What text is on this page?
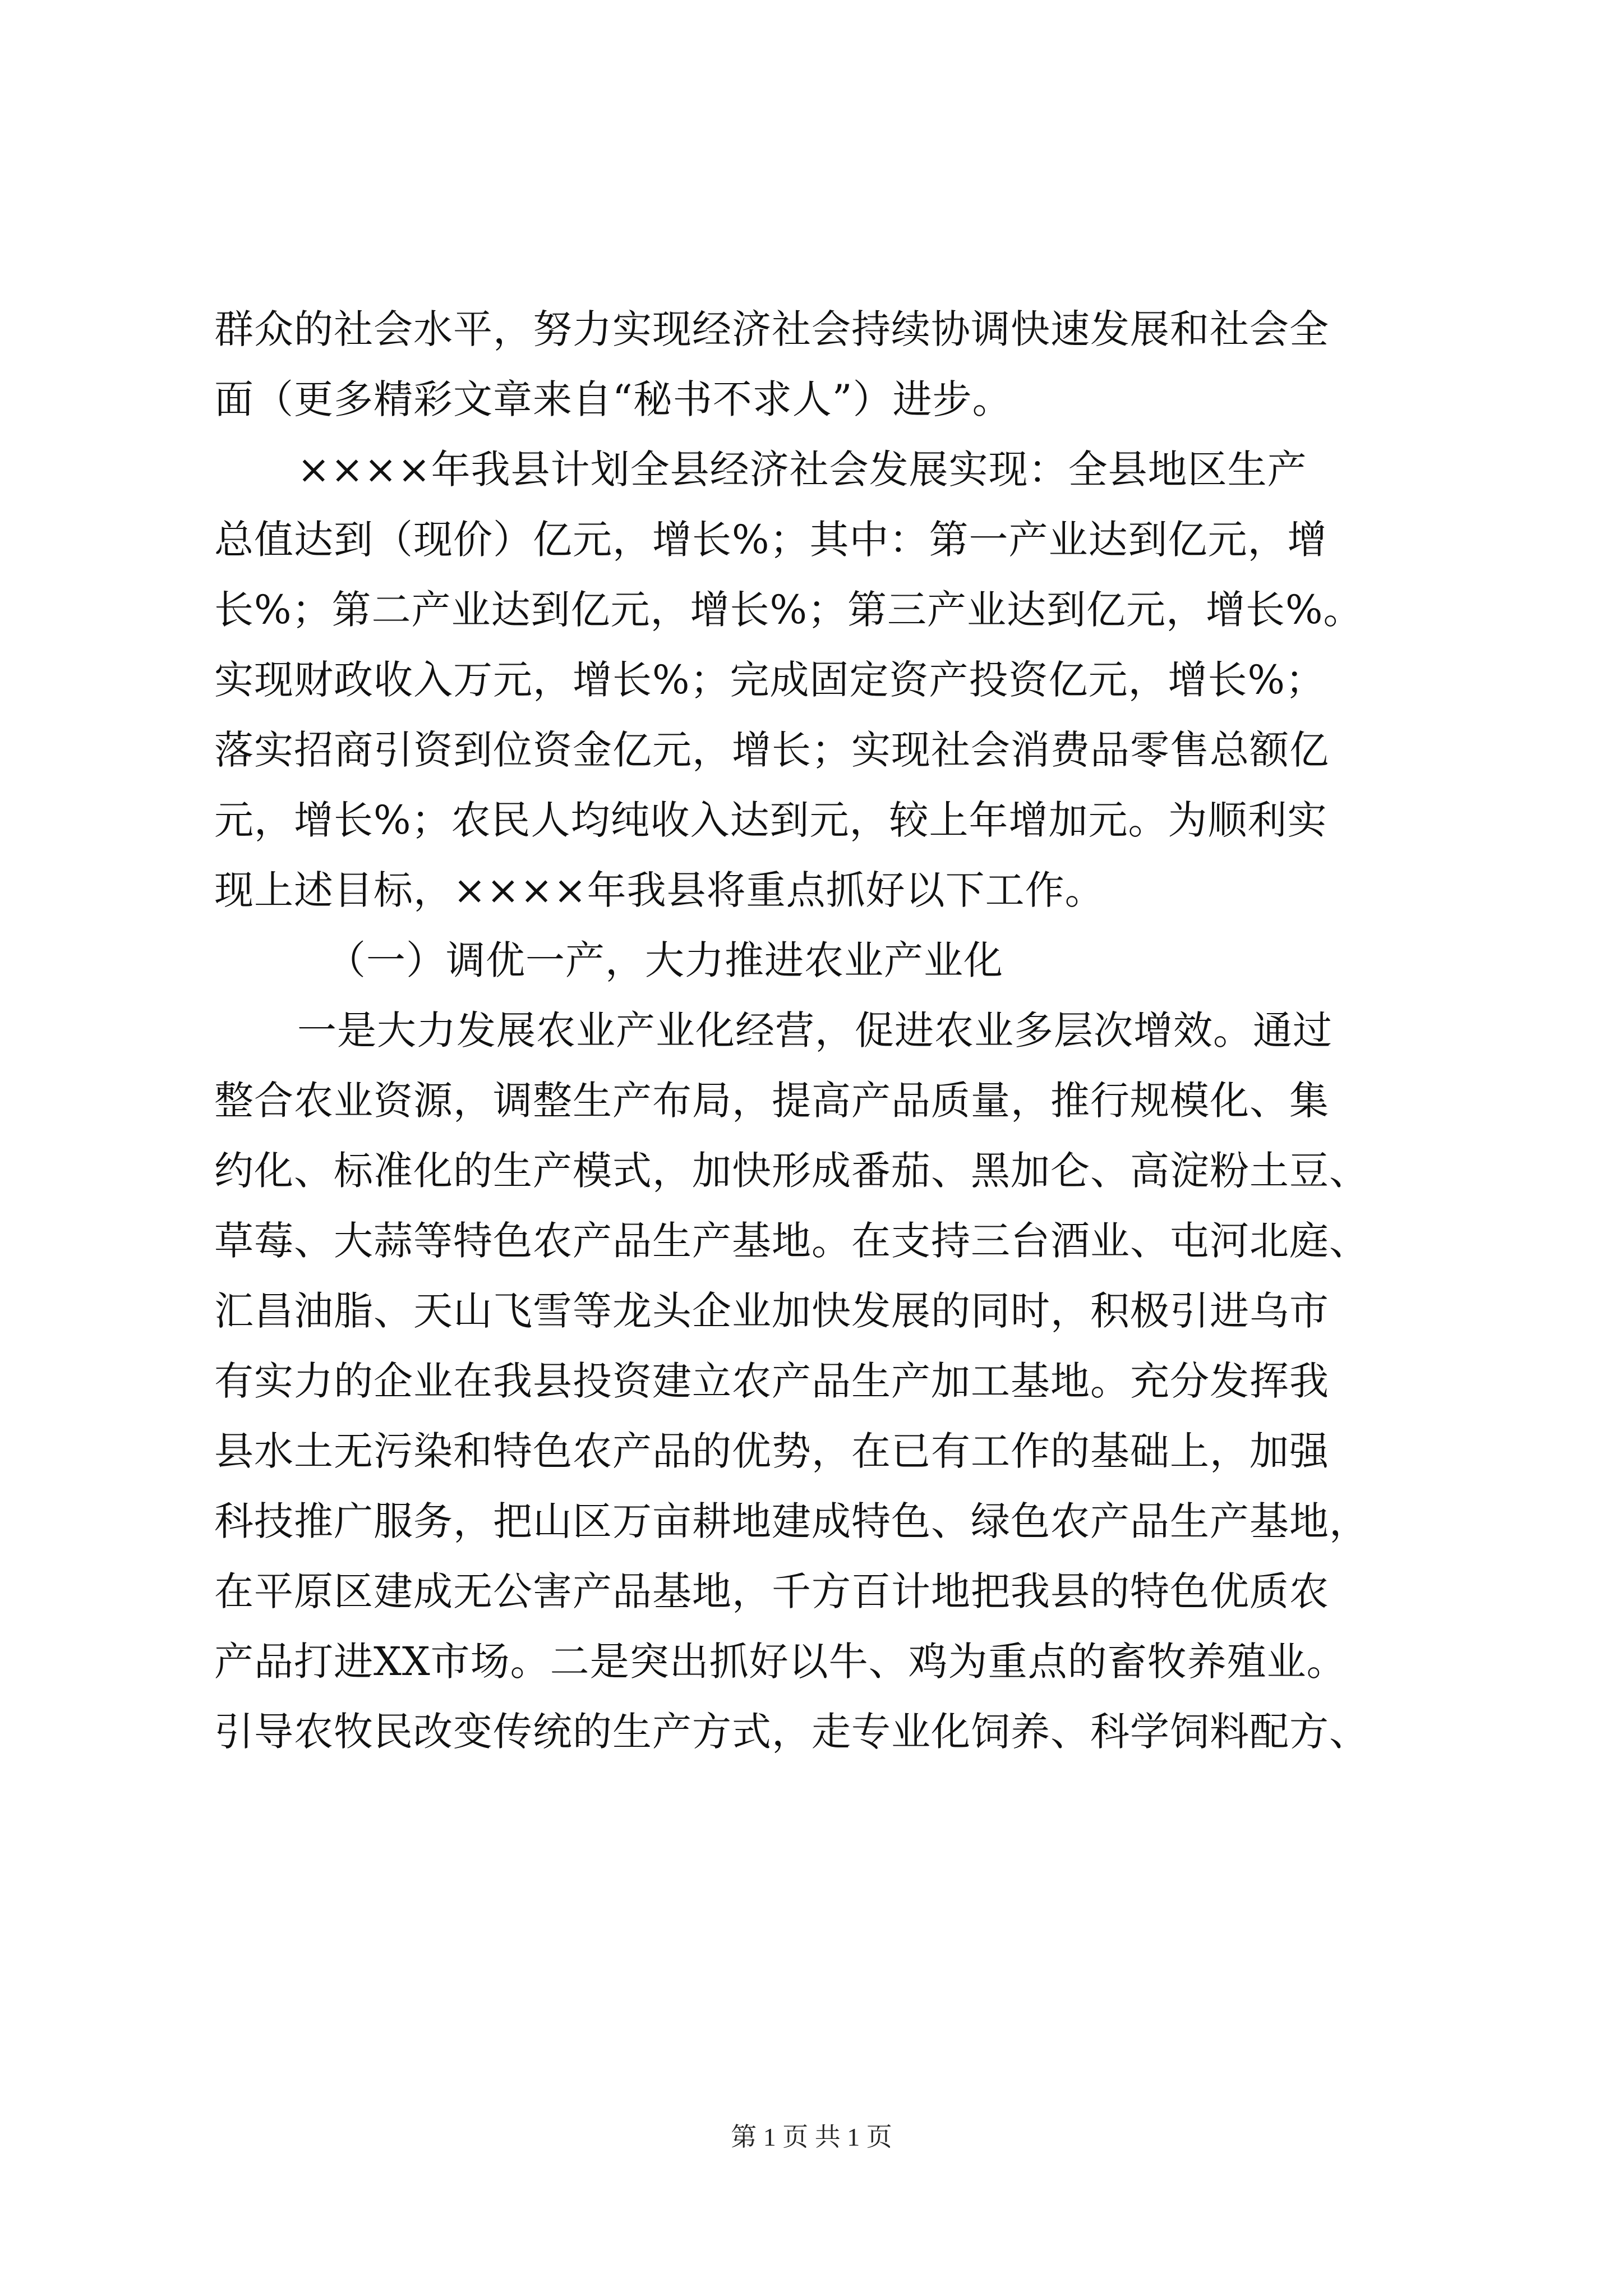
群众的社会水平，努力实现经济社会持续协调快速发展和社会全
面（更多精彩文章来自“秘书不求人”）进步。
××××年我县计划全县经济社会发展实现：全县地区生产
总值达到（现价）亿元，增长%；其中：第一产业达到亿元，增
长%；第二产业达到亿元，增长%；第三产业达到亿元，增长%。
实现财政收入万元，增长%；完成固定资产投资亿元，增长%；
落实招商引资到位资金亿元，增长；实现社会消费品零售总额亿
元，增长%；农民人均纯收入达到元，较上年增加元。为顺利实
现上述目标，××××年我县将重点抓好以下工作。
（一）调优一产，大力推进农业产业化
一是大力发展农业产业化经营，促进农业多层次增效。通过
整合农业资源，调整生产布局，提高产品质量，推行规模化、集
约化、标准化的生产模式，加快形成番茄、黑加仑、高淀粉土豆、
草莓、大蒜等特色农产品生产基地。在支持三台酒业、屯河北庭、
汇昌油脂、天山飞雪等龙头企业加快发展的同时，积极引进乌市
有实力的企业在我县投资建立农产品生产加工基地。充分发挥我
县水土无污染和特色农产品的优势，在已有工作的基础上，加强
科技推广服务，把山区万亩耕地建成特色、绿色农产品生产基地，
在平原区建成无公害产品基地，千方百计地把我县的特色优质农
产品打进XX市场。二是突出抓好以牛、鸡为重点的畜牧养殖业。
引导农牧民改变传统的生产方式，走专业化饲养、科学饲料配方、
第 1 页 共 1 页
